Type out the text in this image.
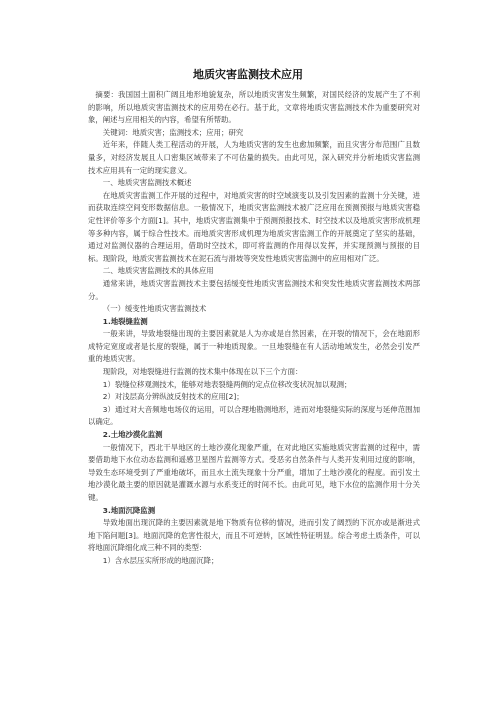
地质灾害监测技术应用

摘要：我国国土面积广阔且地形地貌复杂，所以地质灾害发生频繁，对国民经济的发展产生了不利的影响，所以地质灾害监测技术的应用势在必行。基于此，文章将地质灾害监测技术作为重要研究对象，阐述与应用相关的内容，希望有所帮助。

关键词：地质灾害；监测技术；应用；研究

近年来，伴随人类工程活动的开展，人为地质灾害的发生也愈加频繁，而且灾害分布范围广且数量多，对经济发展且人口密集区域带来了不可估量的损失。由此可见，深入研究并分析地质灾害监测技术应用具有一定的现实意义。

一、地质灾害监测技术概述

在地质灾害监测工作开展的过程中，对地质灾害的时空域演变以及引发因素的监测十分关键，进而获取连续空间变形数据信息。一般情况下，地质灾害监测技术被广泛应用在预测预报与地质灾害稳定性评价等多个方面[1]。其中，地质灾害监测集中于预测预报技术、时空技术以及地质灾害形成机理等多种内容，属于综合性技术。而地质灾害形成机理为地质灾害监测工作的开展奠定了坚实的基础，通过对监测仪器的合理运用，借助时空技术，即可将监测的作用得以发挥，并实现预测与预报的目标。现阶段，地质灾害监测技术在泥石流与滑坡等突发性地质灾害监测中的应用相对广泛。

二、地质灾害监测技术的具体应用

通常来讲，地质灾害监测技术主要包括缓变性地质灾害监测技术和突发性地质灾害监测技术两部分。

（一）缓变性地质灾害监测技术

1.地裂缝监测

一般来讲，导致地裂缝出现的主要因素就是人为亦或是自然因素，在开裂的情况下，会在地面形成特定宽度或者是长度的裂缝，属于一种地质现象。一旦地裂缝在有人活动地域发生，必然会引发严重的地质灾害。

现阶段，对地裂缝进行监测的技术集中体现在以下三个方面：

1）裂缝位移观测技术，能够对地表裂缝两侧的定点位移改变状况加以观测；

2）对浅层高分辨纵波反射技术的应用[2]；

3）通过对大音频地电场仪的运用，可以合理地勘测地形，进而对地裂缝实际的深度与延伸范围加以确定。

2.土地沙漠化监测

一般情况下，西北干旱地区的土地沙漠化现象严重，在对此地区实施地质灾害监测的过程中，需要借助地下水位动态监测和遥感卫星图片监测等方式。受恶劣自然条件与人类开发利用过度的影响，导致生态环境受到了严重地破坏，而且水土流失现象十分严重，增加了土地沙漠化的程度。而引发土地沙漠化最主要的原因就是灌溉水源与水系变迁的时间不长。由此可见，地下水位的监测作用十分关键。

3.地面沉降监测

导致地面出现沉降的主要因素就是地下物质有位移的情况，进而引发了阔烈的下沉亦或是渐进式地下陷问题[3]。地面沉降的危害性很大，而且不可逆转，区域性特征明显。综合考虑土质条件，可以将地面沉降细化成三种不同的类型：

1）含水层压实所形成的地面沉降；
